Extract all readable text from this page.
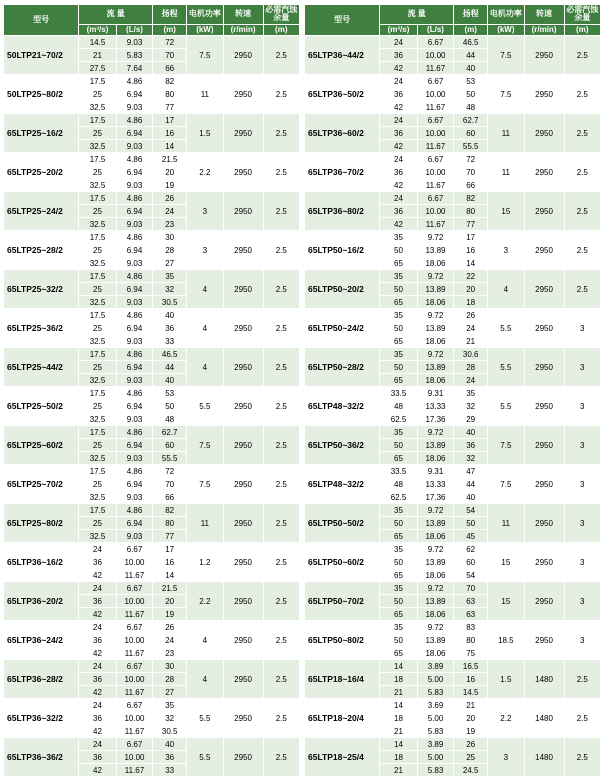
型号	流 量		扬程	电机功率	转速	必需汽蚀余量
	(m³/s)	(L/s)	(m)	(kW)	(r/min)	(m)
50LTP21~70/2	14.5	9.03	72	7.5	2950	2.5
	21	5.83	70			
	27.5	7.64	66			
50LTP25~80/2	17.5	4.86	82	11	2950	2.5
	25	6.94	80			
	32.5	9.03	77			
65LTP25~16/2	17.5	4.86	17	1.5	2950	2.5
	25	6.94	16			
	32.5	9.03	14			
65LTP25~20/2	17.5	4.86	21.5	2.2	2950	2.5
	25	6.94	20			
	32.5	9.03	19			
65LTP25~24/2	17.5	4.86	26	3	2950	2.5
	25	6.94	24			
	32.5	9.03	23			
65LTP25~28/2	17.5	4.86	30	3	2950	2.5
	25	6.94	28			
	32.5	9.03	27			
65LTP25~32/2	17.5	4.86	35	4	2950	2.5
	25	6.94	32			
	32.5	9.03	30.5			
65LTP25~36/2	17.5	4.86	40	4	2950	2.5
	25	6.94	36			
	32.5	9.03	33			
65LTP25~44/2	17.5	4.86	46.5	4	2950	2.5
	25	6.94	44			
	32.5	9.03	40			
65LTP25~50/2	17.5	4.86	53	5.5	2950	2.5
	25	6.94	50			
	32.5	9.03	48			
65LTP25~60/2	17.5	4.86	62.7	7.5	2950	2.5
	25	6.94	60			
	32.5	9.03	55.5			
65LTP25~70/2	17.5	4.86	72	7.5	2950	2.5
	25	6.94	70			
	32.5	9.03	66			
65LTP25~80/2	17.5	4.86	82	11	2950	2.5
	25	6.94	80			
	32.5	9.03	77			
65LTP36~16/2	24	6.67	17	1.2	2950	2.5
	36	10.00	16			
	42	11.67	14			
65LTP36~20/2	24	6.67	21.5	2.2	2950	2.5
	36	10.00	20			
	42	11.67	19			
65LTP36~24/2	24	6.67	26	4	2950	2.5
	36	10.00	24			
	42	11.67	23			
65LTP36~28/2	24	6.67	30	4	2950	2.5
	36	10.00	28			
	42	11.67	27			
65LTP36~32/2	24	6.67	35	5.5	2950	2.5
	36	10.00	32			
	42	11.67	30.5			
65LTP36~36/2	24	6.67	40	5.5	2950	2.5
	36	10.00	36			
	42	11.67	33			
型号	流 量		扬程	电机功率	转速	必需汽蚀余量
	(m³/s)	(L/s)	(m)	(kW)	(r/min)	(m)
65LTP36~44/2	24	6.67	46.5	7.5	2950	2.5
	36	10.00	44			
	42	11.67	40			
65LTP36~50/2	24	6.67	53	7.5	2950	2.5
	36	10.00	50			
	42	11.67	48			
65LTP36~60/2	24	6.67	62.7	11	2950	2.5
	36	10.00	60			
	42	11.67	55.5			
65LTP36~70/2	24	6.67	72	11	2950	2.5
	36	10.00	70			
	42	11.67	66			
65LTP36~80/2	24	6.67	82	15	2950	2.5
	36	10.00	80			
	42	11.67	77			
65LTP50~16/2	35	9.72	17	3	2950	2.5
	50	13.89	16			
	65	18.06	14			
65LTP50~20/2	35	9.72	22	4	2950	2.5
	50	13.89	20			
	65	18.06	18			
65LTP50~24/2	35	9.72	26	5.5	2950	3
	50	13.89	24			
	65	18.06	21			
65LTP50~28/2	35	9.72	30.6	5.5	2950	3
	50	13.89	28			
	65	18.06	24			
65LTP48~32/2	33.5	9.31	35	5.5	2950	3
	48	13.33	32			
	62.5	17.36	29			
65LTP50~36/2	35	9.72	40	7.5	2950	3
	50	13.89	36			
	65	18.06	32			
65LTP48~32/2	33.5	9.31	47	7.5	2950	3
	48	13.33	44			
	62.5	17.36	40			
65LTP50~50/2	35	9.72	54	11	2950	3
	50	13.89	50			
	65	18.06	45			
65LTP50~60/2	35	9.72	62	15	2950	3
	50	13.89	60			
	65	18.06	54			
65LTP50~70/2	35	9.72	70	15	2950	3
	50	13.89	63			
	65	18.06	63			
65LTP50~80/2	35	9.72	83	18.5	2950	3
	50	13.89	80			
	65	18.06	75			
65LTP18~16/4	14	3.89	16.5	1.5	1480	2.5
	18	5.00	16			
	21	5.83	14.5			
65LTP18~20/4	14	3.69	21	2.2	1480	2.5
	18	5.00	20			
	21	5.83	19			
65LTP18~25/4	14	3.89	26	3	1480	2.5
	18	5.00	25			
	21	5.83	24.5			
